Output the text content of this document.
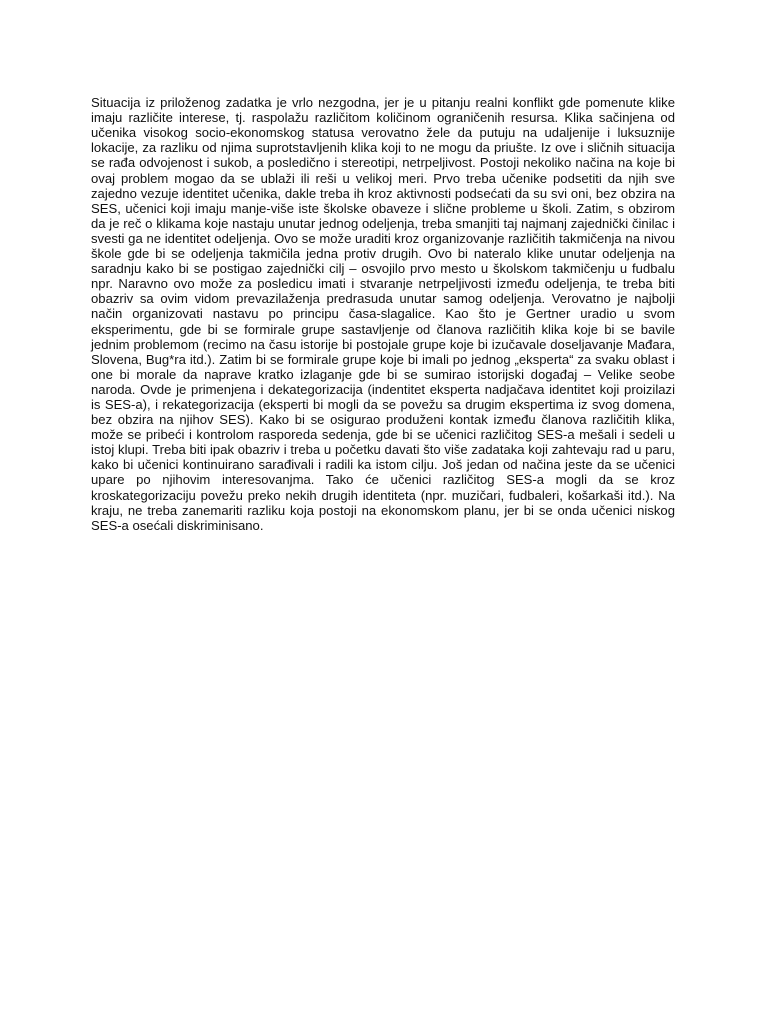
Situacija iz priloženog zadatka je vrlo nezgodna, jer je u pitanju realni konflikt gde pomenute klike imaju različite interese, tj. raspolažu različitom količinom ograničenih resursa. Klika sačinjena od učenika visokog socio-ekonomskog statusa verovatno žele da putuju na udaljenije i luksuznije lokacije, za razliku od njima suprotstavljenih klika koji to ne mogu da priušte. Iz ove i sličnih situacija se rađa odvojenost i sukob, a posledično i stereotipi, netrpeljivost. Postoji nekoliko načina na koje bi ovaj problem mogao da se ublaži ili reši u velikoj meri. Prvo treba učenike podsetiti da njih sve zajedno vezuje identitet učenika, dakle treba ih kroz aktivnosti podsećati da su svi oni, bez obzira na SES, učenici koji imaju manje-više iste školske obaveze i slične probleme u školi. Zatim, s obzirom da je reč o klikama koje nastaju unutar jednog odeljenja, treba smanjiti taj najmanj zajednički činilac i svesti ga ne identitet odeljenja. Ovo se može uraditi kroz organizovanje različitih takmičenja na nivou škole gde bi se odeljenja takmičila jedna protiv drugih. Ovo bi nateralo klike unutar odeljenja na saradnju kako bi se postigao zajednički cilj – osvojilo prvo mesto u školskom takmičenju u fudbalu npr. Naravno ovo može za posledicu imati i stvaranje netrpeljivosti između odeljenja, te treba biti obazriv sa ovim vidom prevazilaženja predrasuda unutar samog odeljenja. Verovatno je najbolji način organizovati nastavu po principu časa-slagalice. Kao što je Gertner uradio u svom eksperimentu, gde bi se formirale grupe sastavljenje od članova različitih klika koje bi se bavile jednim problemom (recimo na času istorije bi postojale grupe koje bi izučavale doseljavanje Mađara, Slovena, Bug*ra itd.). Zatim bi se formirale grupe koje bi imali po jednog „eksperta“ za svaku oblast i one bi morale da naprave kratko izlaganje gde bi se sumirao istorijski događaj – Velike seobe naroda. Ovde je primenjena i dekategorizacija (indentitet eksperta nadjačava identitet koji proizilazi is SES-a), i rekategorizacija (eksperti bi mogli da se povežu sa drugim ekspertima iz svog domena, bez obzira na njihov SES). Kako bi se osigurao produženi kontak između članova različitih klika, može se pribeći i kontrolom rasporeda sedenja, gde bi se učenici različitog SES-a mešali i sedeli u istoj klupi. Treba biti ipak obazriv i treba u početku davati što više zadataka koji zahtevaju rad u paru, kako bi učenici kontinuirano sarađivali i radili ka istom cilju. Još jedan od načina jeste da se učenici upare po njihovim interesovanjma. Tako će učenici različitog SES-a mogli da se kroz kroskategorizaciju povežu preko nekih drugih identiteta (npr. muzičari, fudbaleri, košarkaši itd.). Na kraju, ne treba zanemariti razliku koja postoji na ekonomskom planu, jer bi se onda učenici niskog SES-a osećali diskriminisano.
